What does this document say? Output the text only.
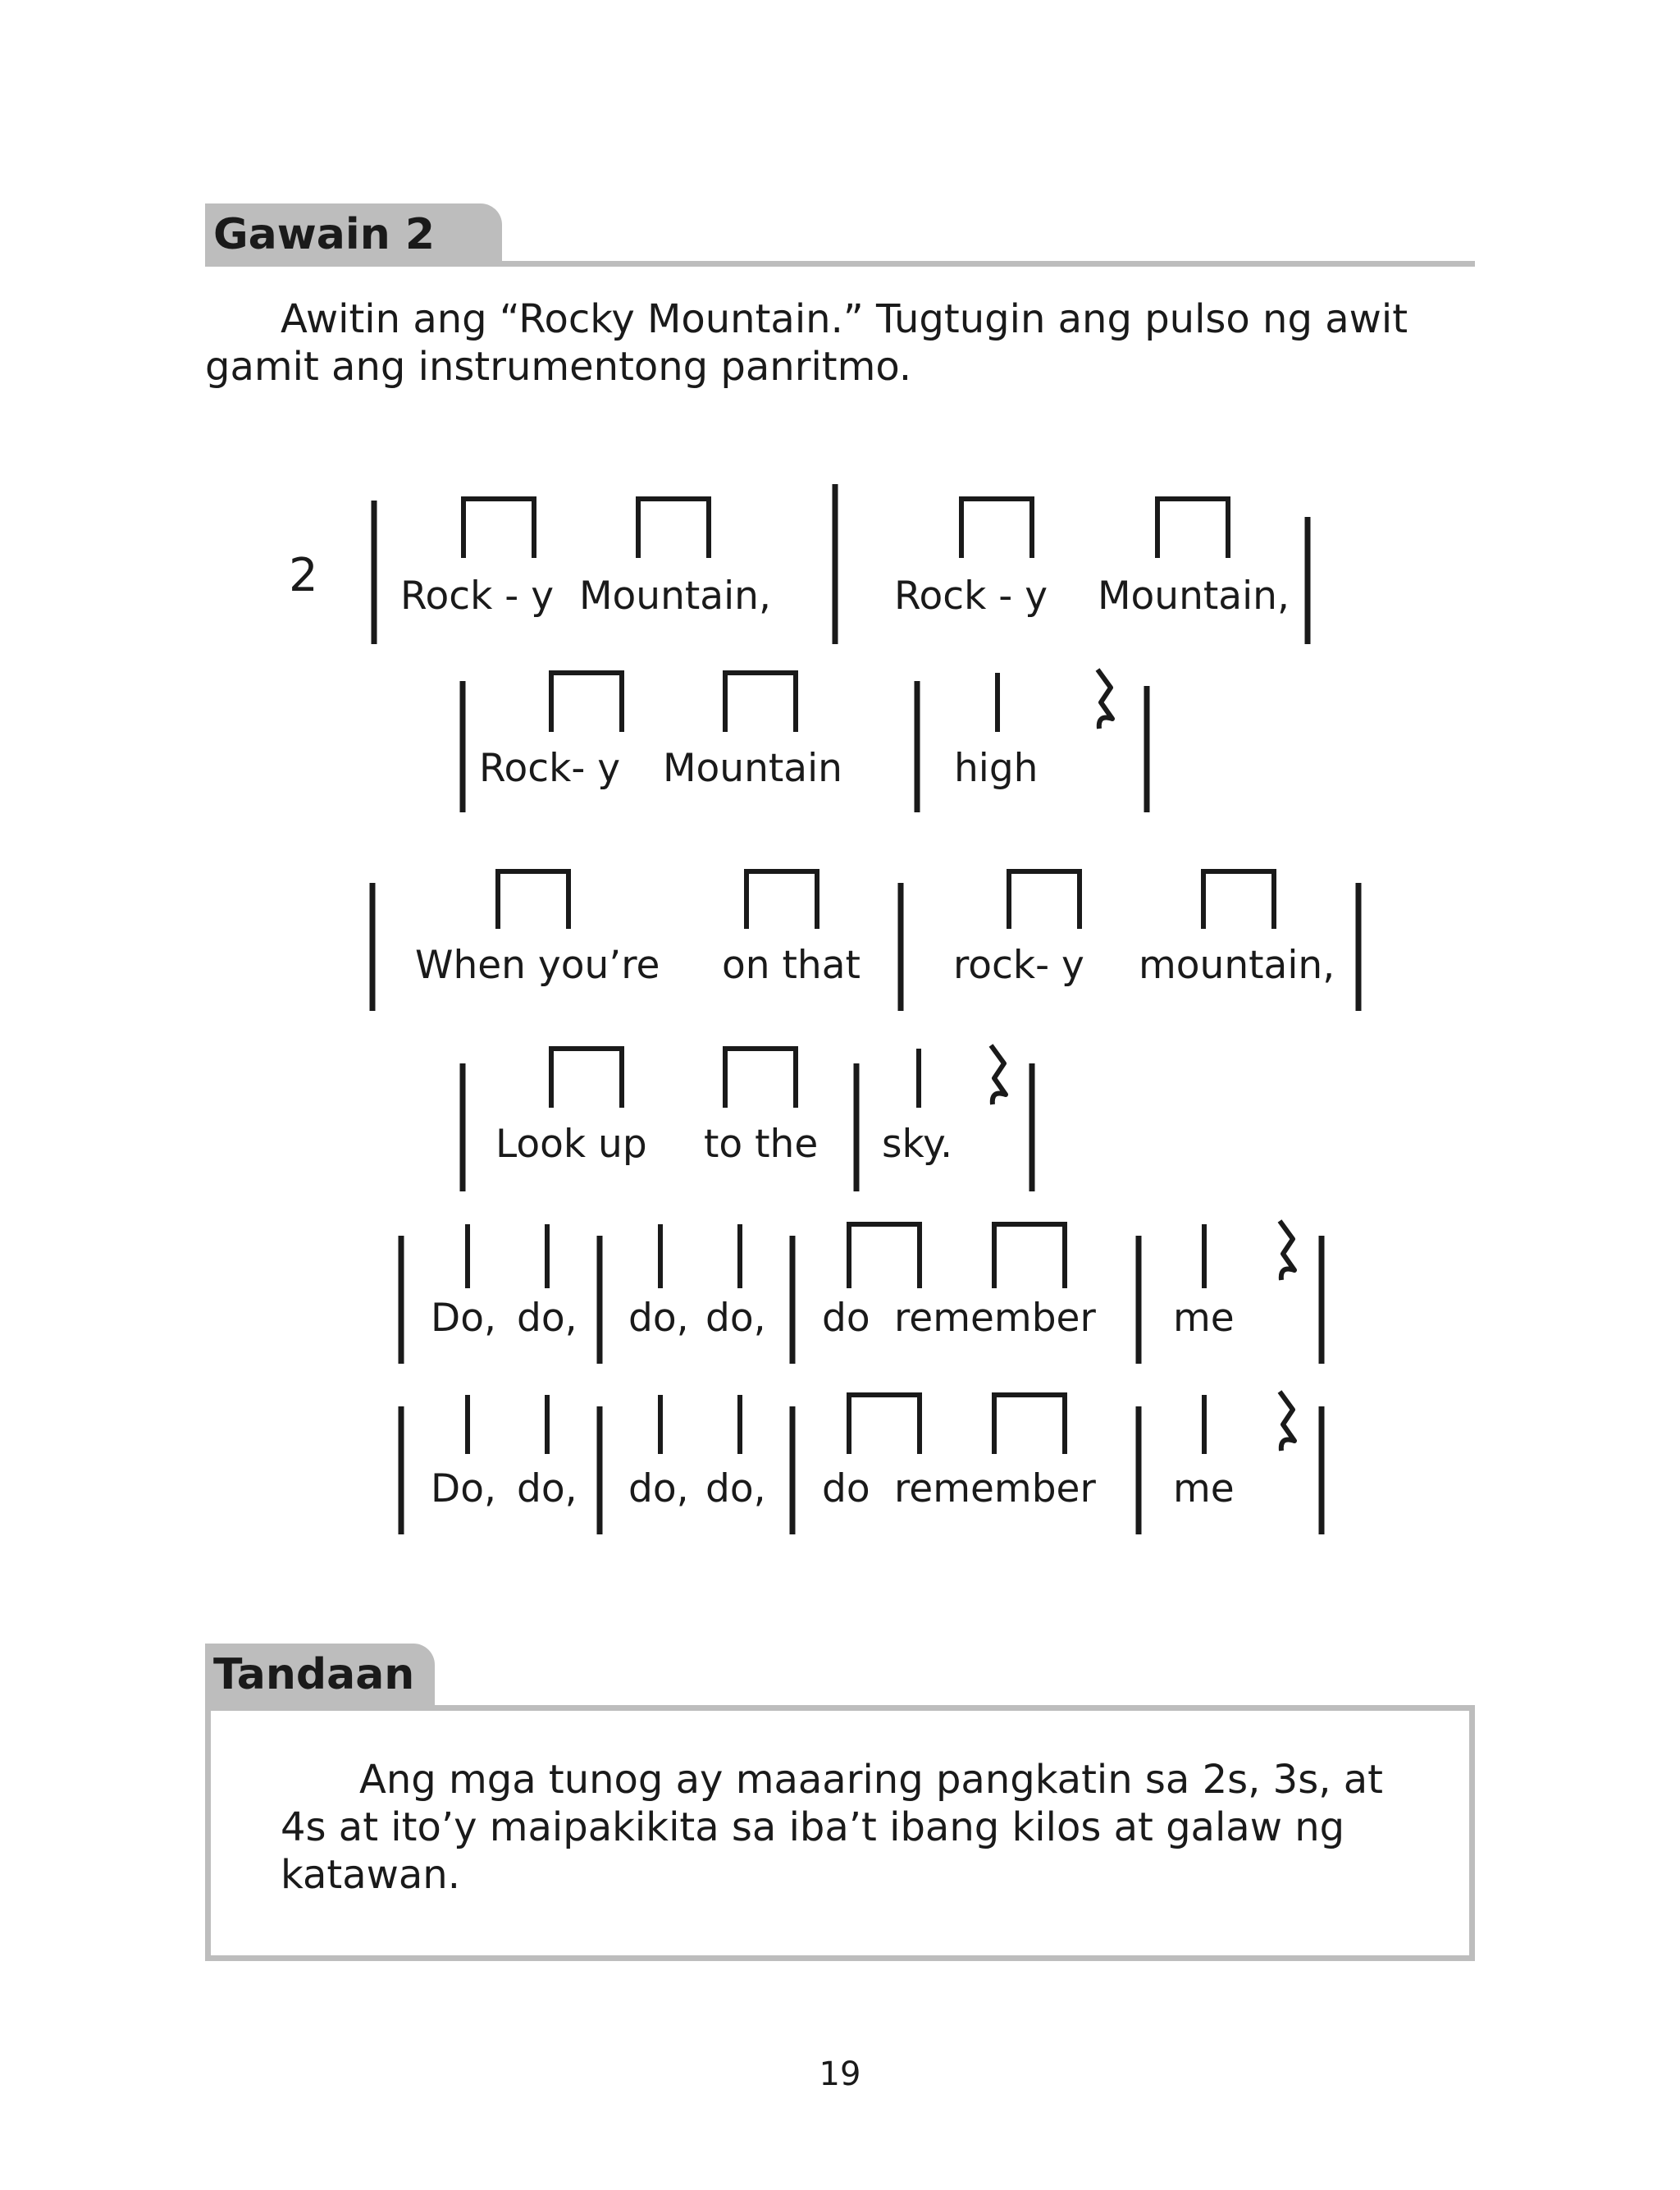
Gawain 2

Awitin ang “Rocky Mountain.” Tugtugin ang pulso ng awit

gamit ang instrumentong panritmo.

2 Rock - y Mountain,	Rock - y Mountain,
Rock- y Mountain	high
When you’re on that rock- y mountain,
Look up to the sky.
Do, do, do, do, do remember me
Do, do, do, do, do remember me
Tandaan

Ang mga tunog ay maaaring pangkatin sa 2s, 3s, at

4s at ito’y maipakikita sa iba’t ibang kilos at galaw ng

katawan.

19
